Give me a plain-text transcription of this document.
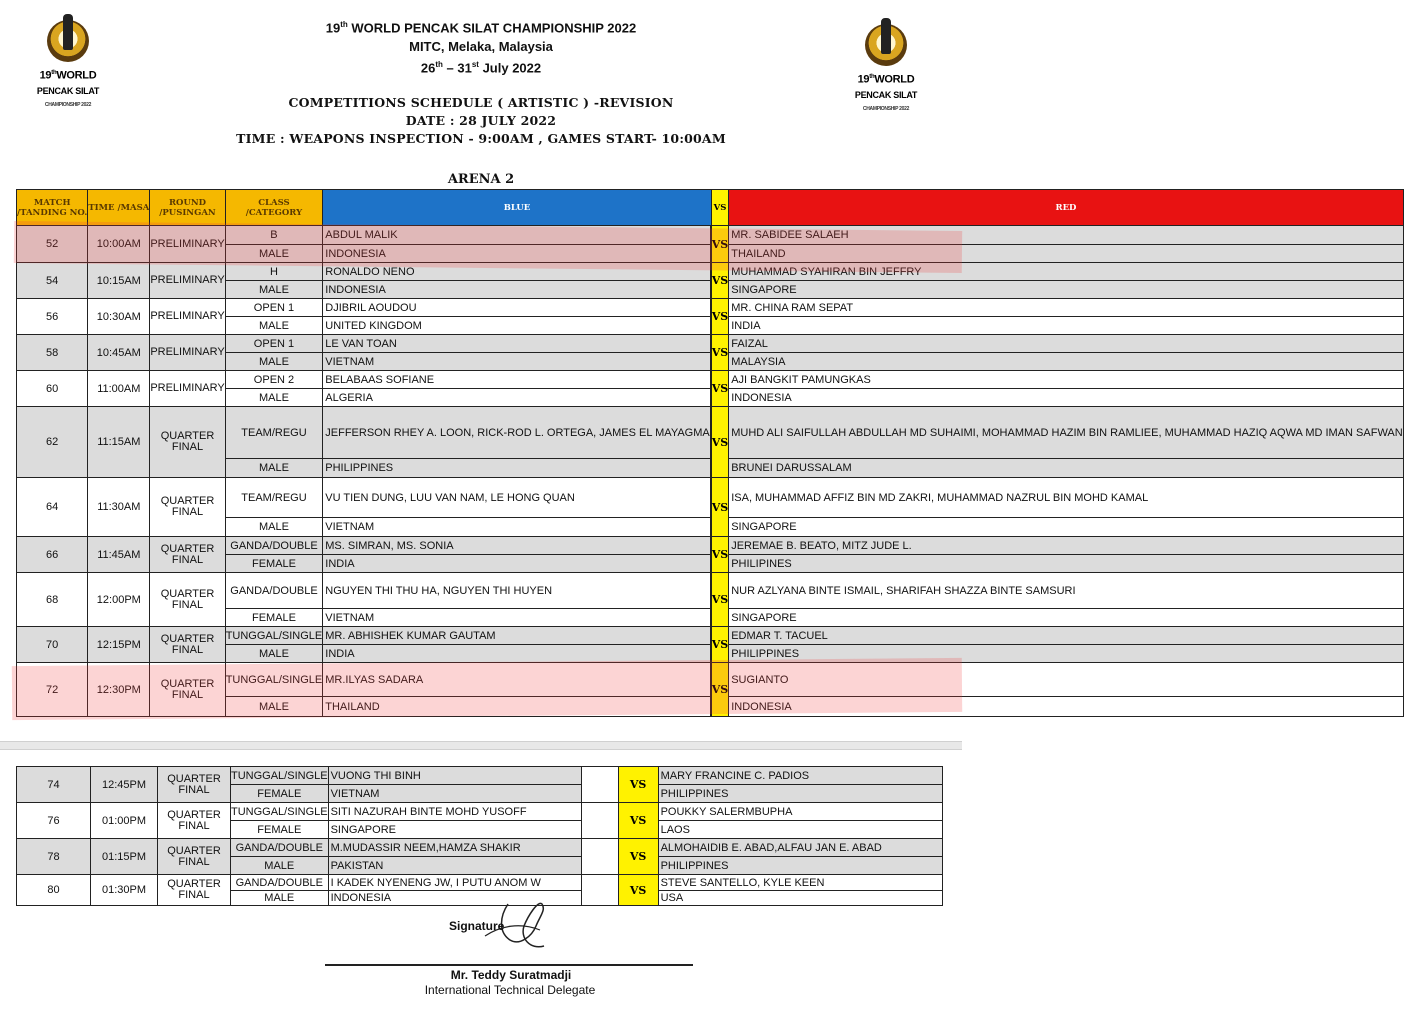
19thWORLD
PENCAK SILAT
CHAMPIONSHIP 2022
19thWORLD
PENCAK SILAT
CHAMPIONSHIP 2022
19th WORLD PENCAK SILAT CHAMPIONSHIP 2022
MITC, Melaka, Malaysia
26th – 31st July 2022
COMPETITIONS SCHEDULE ( ARTISTIC ) -REVISION
DATE : 28 JULY 2022
TIME : WEAPONS INSPECTION - 9:00AM , GAMES START- 10:00AM
ARENA 2
MATCH
/TANDING NO.	TIME /MASA	ROUND
/PUSINGAN	CLASS
/CATEGORY	BLUE	VS	RED
52	10:00AM	PRELIMINARY	B	ABDUL MALIK		VS	MR. SABIDEE SALAEH
			MALE	INDONESIA		THAILAND
54	10:15AM	PRELIMINARY	H	RONALDO NENO		VS	MUHAMMAD SYAHIRAN BIN JEFFRY
			MALE	INDONESIA		SINGAPORE
56	10:30AM	PRELIMINARY	OPEN 1	DJIBRIL AOUDOU		VS	MR. CHINA RAM SEPAT
			MALE	UNITED KINGDOM		INDIA
58	10:45AM	PRELIMINARY	OPEN 1	LE VAN TOAN		VS	FAIZAL
			MALE	VIETNAM		MALAYSIA
60	11:00AM	PRELIMINARY	OPEN 2	BELABAAS SOFIANE		VS	AJI BANGKIT PAMUNGKAS
			MALE	ALGERIA		INDONESIA
62	11:15AM	QUARTER
FINAL	TEAM/REGU	JEFFERSON RHEY A. LOON, RICK-ROD L. ORTEGA, JAMES EL MAYAGMA		VS	MUHD ALI SAIFULLAH ABDULLAH MD SUHAIMI, MOHAMMAD HAZIM BIN RAMLIEE, MUHAMMAD HAZIQ AQWA MD IMAN SAFWAN
			MALE	PHILIPPINES		BRUNEI DARUSSALAM
64	11:30AM	QUARTER
FINAL	TEAM/REGU	VU TIEN DUNG, LUU VAN NAM, LE HONG QUAN		VS	ISA, MUHAMMAD AFFIZ BIN MD ZAKRI, MUHAMMAD NAZRUL BIN MOHD KAMAL
			MALE	VIETNAM		SINGAPORE
66	11:45AM	QUARTER
FINAL	GANDA/DOUBLE	MS. SIMRAN, MS. SONIA		VS	JEREMAE B. BEATO, MITZ JUDE L.
			FEMALE	INDIA		PHILIPINES
68	12:00PM	QUARTER
FINAL	GANDA/DOUBLE	NGUYEN THI THU HA, NGUYEN THI HUYEN		VS	NUR AZLYANA BINTE ISMAIL, SHARIFAH SHAZZA BINTE SAMSURI
			FEMALE	VIETNAM		SINGAPORE
70	12:15PM	QUARTER
FINAL	TUNGGAL/SINGLE	MR. ABHISHEK KUMAR GAUTAM		VS	EDMAR T. TACUEL
			MALE	INDIA		PHILIPPINES
72	12:30PM	QUARTER
FINAL	TUNGGAL/SINGLE	MR.ILYAS SADARA		VS	SUGIANTO
			MALE	THAILAND		INDONESIA
74	12:45PM	QUARTER
FINAL	TUNGGAL/SINGLE	VUONG THI BINH		VS	MARY FRANCINE C. PADIOS
			FEMALE	VIETNAM			PHILIPPINES
76	01:00PM	QUARTER
FINAL	TUNGGAL/SINGLE	SITI NAZURAH BINTE MOHD YUSOFF		VS	POUKKY SALERMBUPHA
			FEMALE	SINGAPORE			LAOS
78	01:15PM	QUARTER
FINAL	GANDA/DOUBLE	M.MUDASSIR NEEM,HAMZA SHAKIR		VS	ALMOHAIDIB E. ABAD,ALFAU JAN E. ABAD
			MALE	PAKISTAN			PHILIPPINES
80	01:30PM	QUARTER
FINAL	GANDA/DOUBLE	I KADEK NYENENG JW, I PUTU ANOM W		VS	STEVE SANTELLO, KYLE KEEN
			MALE	INDONESIA			USA
Signature
Mr. Teddy Suratmadji
International Technical Delegate
